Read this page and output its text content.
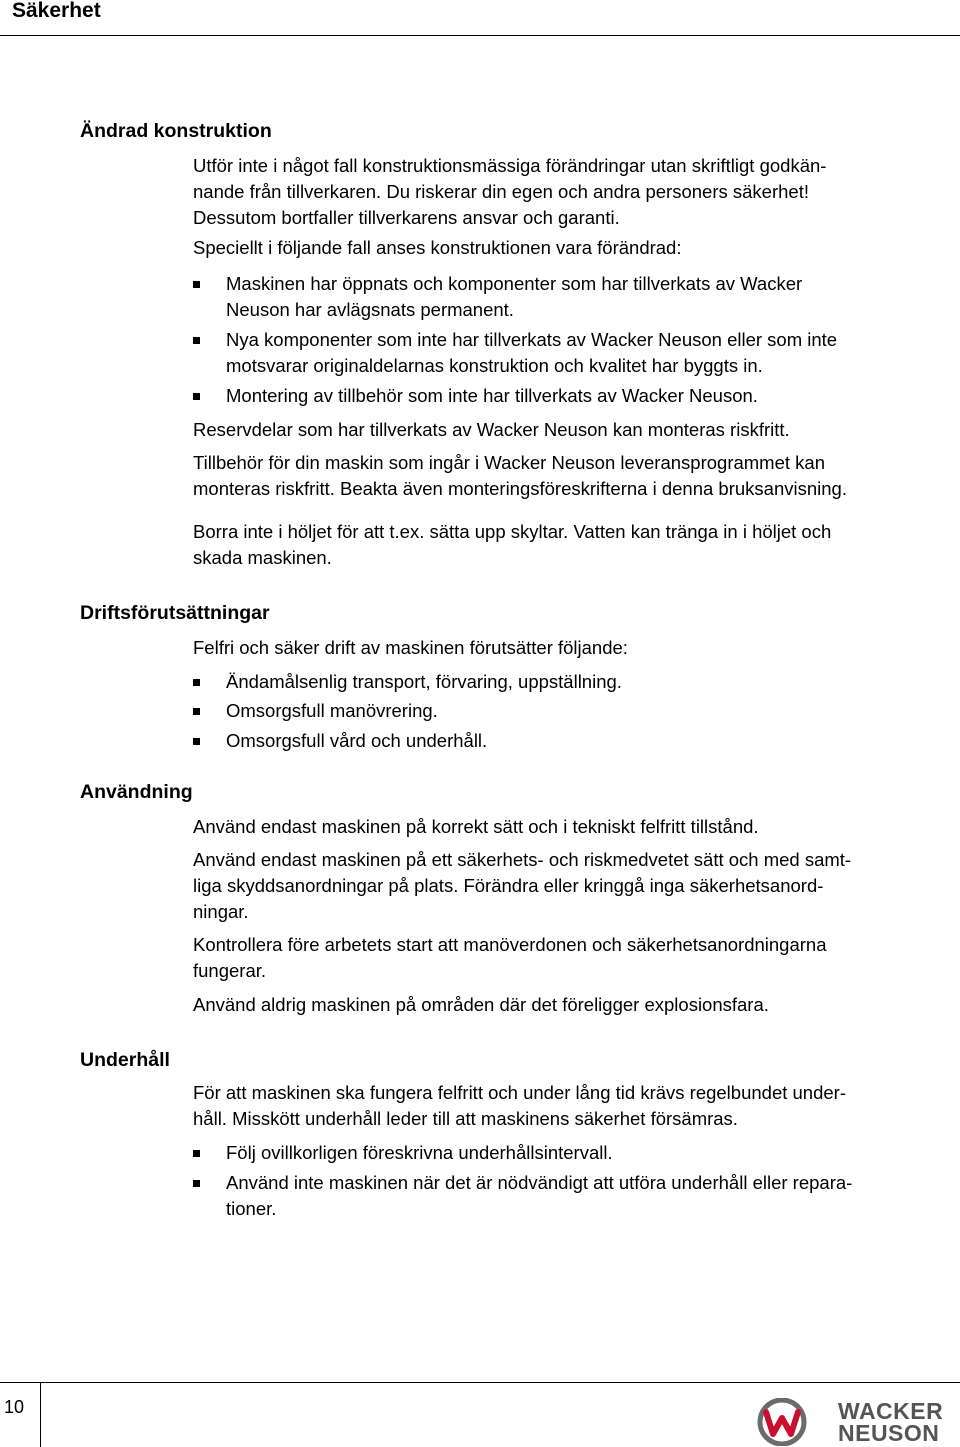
Säkerhet
Ändrad konstruktion
Utför inte i något fall konstruktionsmässiga förändringar utan skriftligt godkän-
nande från tillverkaren. Du riskerar din egen och andra personers säkerhet!
Dessutom bortfaller tillverkarens ansvar och garanti.
Speciellt i följande fall anses konstruktionen vara förändrad:
Maskinen har öppnats och komponenter som har tillverkats av Wacker
Neuson har avlägsnats permanent.
Nya komponenter som inte har tillverkats av Wacker Neuson eller som inte
motsvarar originaldelarnas konstruktion och kvalitet har byggts in.
Montering av tillbehör som inte har tillverkats av Wacker Neuson.
Reservdelar som har tillverkats av Wacker Neuson kan monteras riskfritt.
Tillbehör för din maskin som ingår i Wacker Neuson leveransprogrammet kan
monteras riskfritt. Beakta även monteringsföreskrifterna i denna bruksanvisning.
Borra inte i höljet för att t.ex. sätta upp skyltar. Vatten kan tränga in i höljet och
skada maskinen.
Driftsförutsättningar
Felfri och säker drift av maskinen förutsätter följande:
Ändamålsenlig transport, förvaring, uppställning.
Omsorgsfull manövrering.
Omsorgsfull vård och underhåll.
Användning
Använd endast maskinen på korrekt sätt och i tekniskt felfritt tillstånd.
Använd endast maskinen på ett säkerhets- och riskmedvetet sätt och med samt-
liga skyddsanordningar på plats. Förändra eller kringgå inga säkerhetsanord-
ningar.
Kontrollera före arbetets start att manöverdonen och säkerhetsanordningarna
fungerar.
Använd aldrig maskinen på områden där det föreligger explosionsfara.
Underhåll
För att maskinen ska fungera felfritt och under lång tid krävs regelbundet under-
håll. Misskött underhåll leder till att maskinens säkerhet försämras.
Följ ovillkorligen föreskrivna underhållsintervall.
Använd inte maskinen när det är nödvändigt att utföra underhåll eller repara-
tioner.
10	WACKER
NEUSON
